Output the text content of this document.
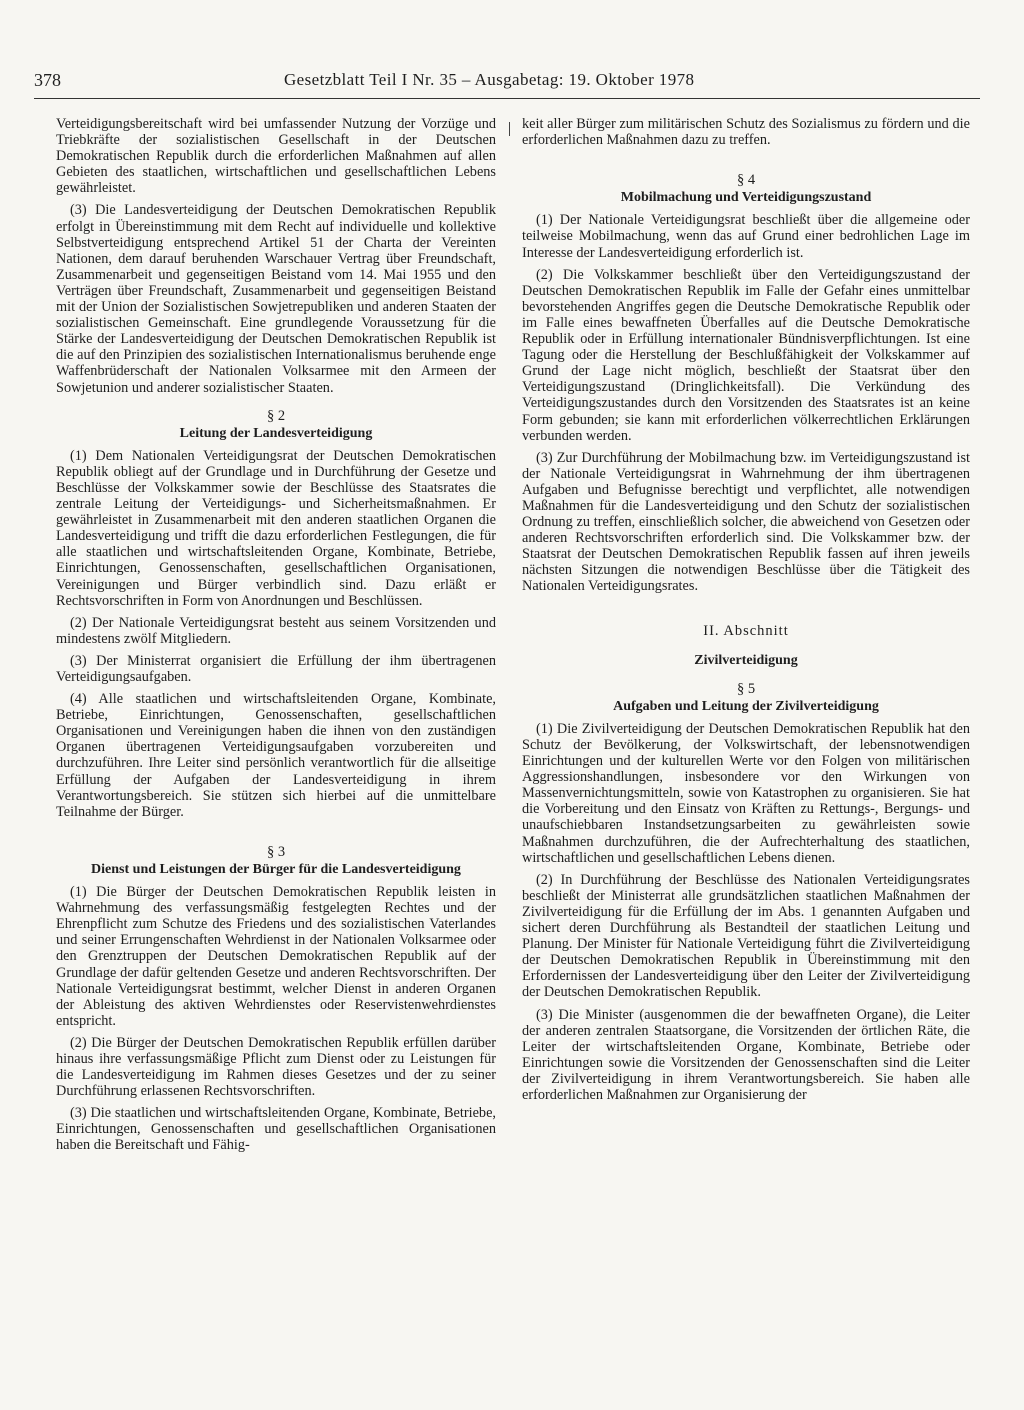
378	Gesetzblatt Teil I Nr. 35 – Ausgabetag: 19. Oktober 1978

Verteidigungsbereitschaft wird bei umfassender Nutzung der Vorzüge und Triebkräfte der sozialistischen Gesellschaft in der Deutschen Demokratischen Republik durch die erforderlichen Maßnahmen auf allen Gebieten des staatlichen, wirtschaftlichen und gesellschaftlichen Lebens gewährleistet.

(3) Die Landesverteidigung der Deutschen Demokratischen Republik erfolgt in Übereinstimmung mit dem Recht auf individuelle und kollektive Selbstverteidigung entsprechend Artikel 51 der Charta der Vereinten Nationen, dem darauf beruhenden Warschauer Vertrag über Freundschaft, Zusammenarbeit und gegenseitigen Beistand vom 14. Mai 1955 und den Verträgen über Freundschaft, Zusammenarbeit und gegenseitigen Beistand mit der Union der Sozialistischen Sowjetrepubliken und anderen Staaten der sozialistischen Gemeinschaft. Eine grundlegende Voraussetzung für die Stärke der Landesverteidigung der Deutschen Demokratischen Republik ist die auf den Prinzipien des sozialistischen Internationalismus beruhende enge Waffenbrüderschaft der Nationalen Volksarmee mit den Armeen der Sowjetunion und anderer sozialistischer Staaten.

§ 2
Leitung der Landesverteidigung

(1) Dem Nationalen Verteidigungsrat der Deutschen Demokratischen Republik obliegt auf der Grundlage und in Durchführung der Gesetze und Beschlüsse der Volkskammer sowie der Beschlüsse des Staatsrates die zentrale Leitung der Verteidigungs- und Sicherheitsmaßnahmen. Er gewährleistet in Zusammenarbeit mit den anderen staatlichen Organen die Landesverteidigung und trifft die dazu erforderlichen Festlegungen, die für alle staatlichen und wirtschaftsleitenden Organe, Kombinate, Betriebe, Einrichtungen, Genossenschaften, gesellschaftlichen Organisationen, Vereinigungen und Bürger verbindlich sind. Dazu erläßt er Rechtsvorschriften in Form von Anordnungen und Beschlüssen.

(2) Der Nationale Verteidigungsrat besteht aus seinem Vorsitzenden und mindestens zwölf Mitgliedern.

(3) Der Ministerrat organisiert die Erfüllung der ihm übertragenen Verteidigungsaufgaben.

(4) Alle staatlichen und wirtschaftsleitenden Organe, Kombinate, Betriebe, Einrichtungen, Genossenschaften, gesellschaftlichen Organisationen und Vereinigungen haben die ihnen von den zuständigen Organen übertragenen Verteidigungsaufgaben vorzubereiten und durchzuführen. Ihre Leiter sind persönlich verantwortlich für die allseitige Erfüllung der Aufgaben der Landesverteidigung in ihrem Verantwortungsbereich. Sie stützen sich hierbei auf die unmittelbare Teilnahme der Bürger.

§ 3
Dienst und Leistungen der Bürger für die Landesverteidigung

(1) Die Bürger der Deutschen Demokratischen Republik leisten in Wahrnehmung des verfassungsmäßig festgelegten Rechtes und der Ehrenpflicht zum Schutze des Friedens und des sozialistischen Vaterlandes und seiner Errungenschaften Wehrdienst in der Nationalen Volksarmee oder den Grenztruppen der Deutschen Demokratischen Republik auf der Grundlage der dafür geltenden Gesetze und anderen Rechtsvorschriften. Der Nationale Verteidigungsrat bestimmt, welcher Dienst in anderen Organen der Ableistung des aktiven Wehrdienstes oder Reservistenwehrdienstes entspricht.

(2) Die Bürger der Deutschen Demokratischen Republik erfüllen darüber hinaus ihre verfassungsmäßige Pflicht zum Dienst oder zu Leistungen für die Landesverteidigung im Rahmen dieses Gesetzes und der zu seiner Durchführung erlassenen Rechtsvorschriften.

(3) Die staatlichen und wirtschaftsleitenden Organe, Kombinate, Betriebe, Einrichtungen, Genossenschaften und gesellschaftlichen Organisationen haben die Bereitschaft und Fähig-

keit aller Bürger zum militärischen Schutz des Sozialismus zu fördern und die erforderlichen Maßnahmen dazu zu treffen.

§ 4
Mobilmachung und Verteidigungszustand

(1) Der Nationale Verteidigungsrat beschließt über die allgemeine oder teilweise Mobilmachung, wenn das auf Grund einer bedrohlichen Lage im Interesse der Landesverteidigung erforderlich ist.

(2) Die Volkskammer beschließt über den Verteidigungszustand der Deutschen Demokratischen Republik im Falle der Gefahr eines unmittelbar bevorstehenden Angriffes gegen die Deutsche Demokratische Republik oder im Falle eines bewaffneten Überfalles auf die Deutsche Demokratische Republik oder in Erfüllung internationaler Bündnisverpflichtungen. Ist eine Tagung oder die Herstellung der Beschlußfähigkeit der Volkskammer auf Grund der Lage nicht möglich, beschließt der Staatsrat über den Verteidigungszustand (Dringlichkeitsfall). Die Verkündung des Verteidigungszustandes durch den Vorsitzenden des Staatsrates ist an keine Form gebunden; sie kann mit erforderlichen völkerrechtlichen Erklärungen verbunden werden.

(3) Zur Durchführung der Mobilmachung bzw. im Verteidigungszustand ist der Nationale Verteidigungsrat in Wahrnehmung der ihm übertragenen Aufgaben und Befugnisse berechtigt und verpflichtet, alle notwendigen Maßnahmen für die Landesverteidigung und den Schutz der sozialistischen Ordnung zu treffen, einschließlich solcher, die abweichend von Gesetzen oder anderen Rechtsvorschriften erforderlich sind. Die Volkskammer bzw. der Staatsrat der Deutschen Demokratischen Republik fassen auf ihren jeweils nächsten Sitzungen die notwendigen Beschlüsse über die Tätigkeit des Nationalen Verteidigungsrates.

II. Abschnitt
Zivilverteidigung
§ 5
Aufgaben und Leitung der Zivilverteidigung

(1) Die Zivilverteidigung der Deutschen Demokratischen Republik hat den Schutz der Bevölkerung, der Volkswirtschaft, der lebensnotwendigen Einrichtungen und der kulturellen Werte vor den Folgen von militärischen Aggressionshandlungen, insbesondere vor den Wirkungen von Massenvernichtungsmitteln, sowie von Katastrophen zu organisieren. Sie hat die Vorbereitung und den Einsatz von Kräften zu Rettungs-, Bergungs- und unaufschiebbaren Instandsetzungsarbeiten zu gewährleisten sowie Maßnahmen durchzuführen, die der Aufrechterhaltung des staatlichen, wirtschaftlichen und gesellschaftlichen Lebens dienen.

(2) In Durchführung der Beschlüsse des Nationalen Verteidigungsrates beschließt der Ministerrat alle grundsätzlichen staatlichen Maßnahmen der Zivilverteidigung für die Erfüllung der im Abs. 1 genannten Aufgaben und sichert deren Durchführung als Bestandteil der staatlichen Leitung und Planung. Der Minister für Nationale Verteidigung führt die Zivilverteidigung der Deutschen Demokratischen Republik in Übereinstimmung mit den Erfordernissen der Landesverteidigung über den Leiter der Zivilverteidigung der Deutschen Demokratischen Republik.

(3) Die Minister (ausgenommen die der bewaffneten Organe), die Leiter der anderen zentralen Staatsorgane, die Vorsitzenden der örtlichen Räte, die Leiter der wirtschaftsleitenden Organe, Kombinate, Betriebe oder Einrichtungen sowie die Vorsitzenden der Genossenschaften sind die Leiter der Zivilverteidigung in ihrem Verantwortungsbereich. Sie haben alle erforderlichen Maßnahmen zur Organisierung der
